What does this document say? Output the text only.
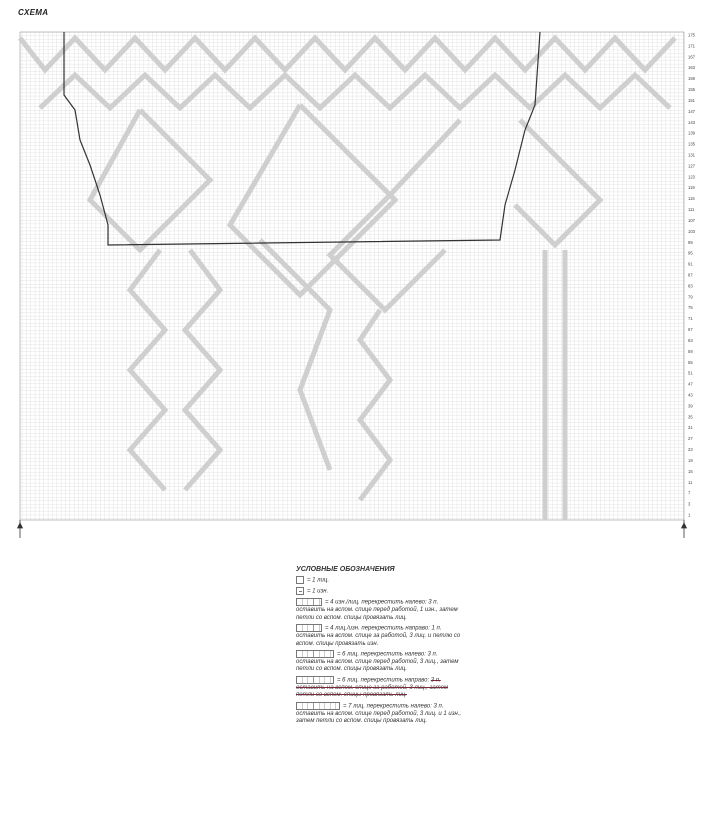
СХЕМА
175
171
167
163
159
155
151
147
143
139
135
131
127
123
119
115
111
107
103
99
95
91
87
83
79
75
71
67
63
59
55
51
47
43
39
35
31
27
23
19
15
11
7
3
1
УСЛОВНЫЕ ОБОЗНАЧЕНИЯ
= 1 лиц.
= 1 изн.
= 4 изн./лиц. перекрестить налево: 3 п. оставить на вспом. спице перед работой, 1 изн., затем петли со вспом. спицы провязать лиц.
= 4 лиц./изн. перекрестить направо: 1 п. оставить на вспом. спице за работой, 3 лиц. и петлю со вспом. спицы провязать изн.
= 6 лиц. перекрестить налево: 3 п. оставить на вспом. спице перед работой, 3 лиц., затем петли со вспом. спицы провязать лиц.
= 6 лиц. перекрестить направо: 3 п. оставить на вспом. спице за работой, 3 лиц., затем петли со вспом. спицы провязать лиц.
= 7 лиц. перекрестить налево: 3 п. оставить на вспом. спице перед работой, 3 лиц. и 1 изн., затем петли со вспом. спицы провязать лиц.
